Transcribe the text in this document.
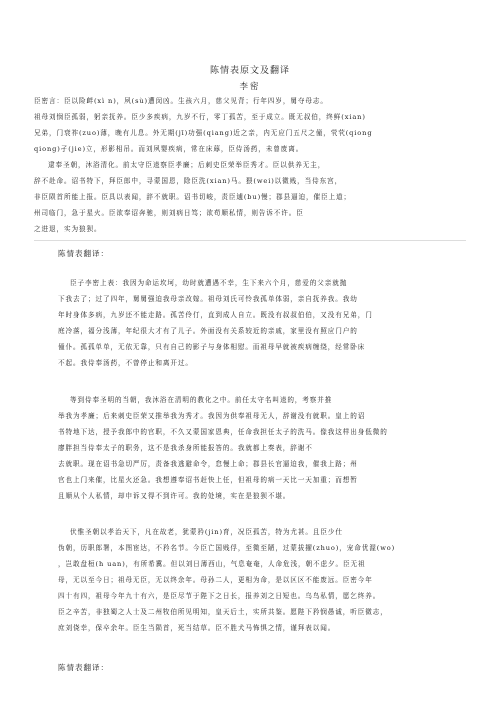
陈情表原文及翻译
李密
臣密言：臣以险衅(xì n)，夙(sù)遭闵凶。生孩六月，慈父见背；行年四岁，舅夺母志。
祖母刘悯臣孤弱，躬亲抚养。臣少多疾病，九岁不行，零丁孤苦，至于成立。既无叔伯，终鲜(xian)
兄弟，门衰祚(zuo)薄，晚有儿息。外无期(jī)功强(qiang)近之亲，内无应门五尺之僮，茕茕(qiong
qiong)孑(jie)立，形影相吊。而刘夙婴疾病，常在床蓐，臣侍汤药，未曾废离。
逮奉圣朝，沐浴清化。前太守臣逵察臣孝廉；后刺史臣荣举臣秀才。臣以供养无主，
辞不赴命。诏书特下，拜臣郎中，寻蒙国恩，除臣洗(xian)马。猥(wei)以微贱，当侍东宫，
非臣陨首所能上报。臣具以表闻，辞不就职。诏书切峻，责臣逋(bu)慢；郡县逼迫，催臣上道；
州司临门，急于星火。臣欲奉诏奔驰，则刘病日笃；欲苟顺私情，则告诉不许。臣
之进退，实为狼狈。
陈情表翻译：
臣子李密上表：我因为命运坎坷，幼时就遭遇不幸，生下来六个月，慈爱的父亲就抛
下我去了；过了四年，舅舅强迫我母亲改嫁。祖母刘氏可怜我孤单体弱，亲自抚养我。我幼
年时身体多病，九岁还不能走路。孤苦伶仃，直到成人自立。既没有叔叔伯伯，又没有兄弟，门
庭冷落，福分浅薄，年纪很大才有了儿子。外面没有关系较近的亲戚，家里没有照应门户的
僮仆。孤孤单单，无依无靠，只有自己的影子与身体相慰。而祖母早就被疾病缠绕，经常卧床
不起。我侍奉汤药，不曾停止和离开过。
等到侍奉圣明的当朝，我沐浴在清明的教化之中。前任太守名叫逵的，考察并推
举我为孝廉；后来刺史臣荣又推举我为秀才。我因为供奉祖母无人，辞谢没有就职。皇上的诏
书特地下达，授予我郎中的官职，不久又蒙国家恩典，任命我担任太子的洗马。像我这样出身低微的
廖胖担当侍奉太子的职务，这不是我杀身所能报答的。我就都上奏表，辞谢不
去就职。现在诏书急切严厉，责备我逃避命令，怠慢上命；郡县长官逼迫我，催我上路；州
官也上门来催，比星火还急。我想遵奉诏书赶快上任，但祖母的病一天比一天加重；而想暂
且顺从个人私情，却申诉又得不到许可。我的处境，实在是狼狈不堪。
伏惟圣朝以孝治天下，凡在故老，犹蒙矜(jin)育，况臣孤苦，特为尤甚。且臣少仕
伪朝，历职郎署，本图宦达，不矜名节。今臣亡国贱俘，至微至陋，过蒙拔擢(zhuo)，宠命优渥(wo)
，岂敢盘桓(h uan)，有所希冀。但以刘日薄西山，气息奄奄，人命危浅，朝不虑夕。臣无祖
母，无以至今日；祖母无臣，无以终余年。母孙二人，更相为命，是以区区不能废远。臣密今年
四十有四，祖母今年九十有六，是臣尽节于陛下之日长，报养刘之日短也。乌鸟私情，愿乞终养。
臣之辛苦，非独蜀之人士及二州牧伯所见明知，皇天后土，实所共鉴。愿陛下矜悯愚诚，听臣微志，
庶刘侥幸，保卒余年。臣生当陨首，死当结草。臣不胜犬马怖惧之情，谨拜表以闻。
陈情表翻译：
